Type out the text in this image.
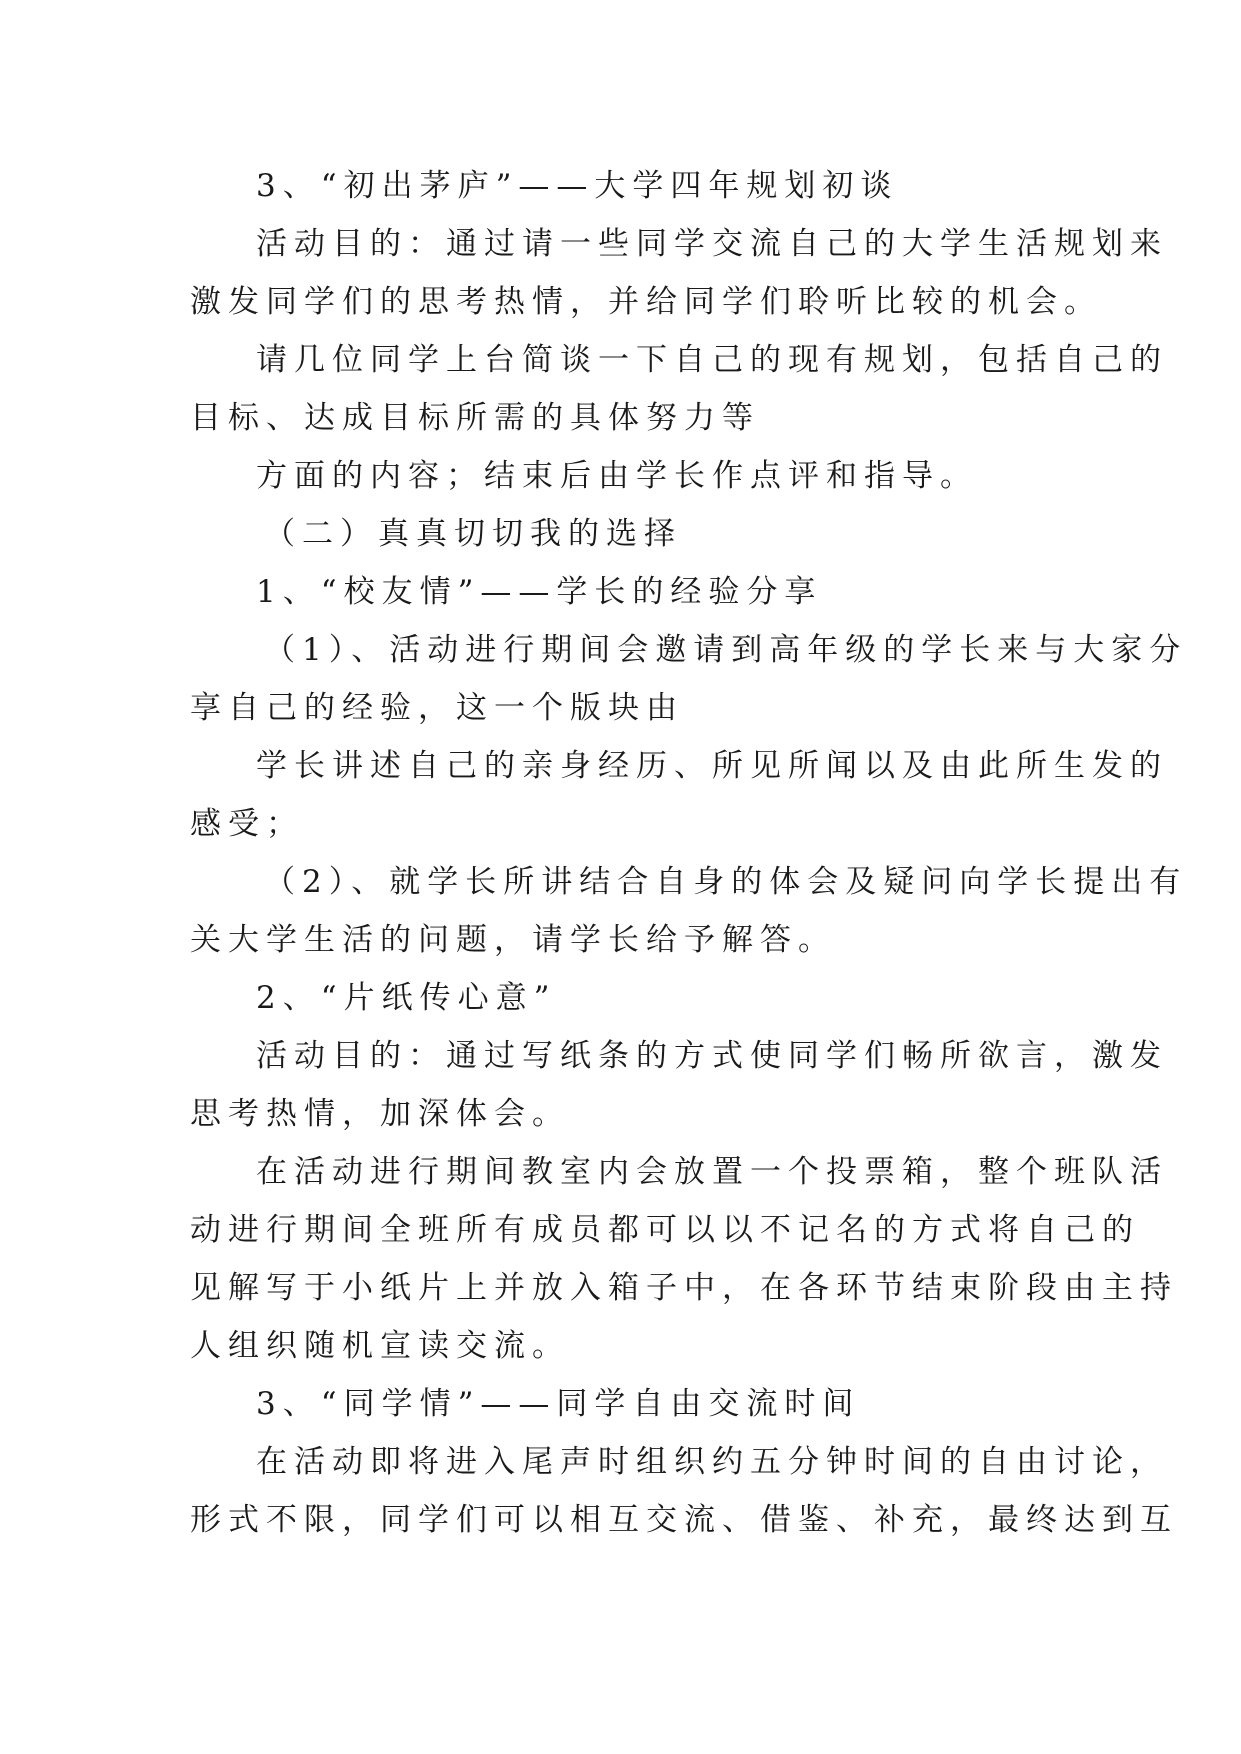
3、“初出茅庐”——大学四年规划初谈
活动目的：通过请一些同学交流自己的大学生活规划来
激发同学们的思考热情，并给同学们聆听比较的机会。
请几位同学上台简谈一下自己的现有规划，包括自己的
目标、达成目标所需的具体努力等
方面的内容；结束后由学长作点评和指导。
（二）真真切切我的选择
1、“校友情”——学长的经验分享
（1）、活动进行期间会邀请到高年级的学长来与大家分
享自己的经验，这一个版块由
学长讲述自己的亲身经历、所见所闻以及由此所生发的
感受；
（2）、就学长所讲结合自身的体会及疑问向学长提出有
关大学生活的问题，请学长给予解答。
2、“片纸传心意”
活动目的：通过写纸条的方式使同学们畅所欲言，激发
思考热情，加深体会。
在活动进行期间教室内会放置一个投票箱，整个班队活
动进行期间全班所有成员都可以以不记名的方式将自己的
见解写于小纸片上并放入箱子中，在各环节结束阶段由主持
人组织随机宣读交流。
3、“同学情”——同学自由交流时间
在活动即将进入尾声时组织约五分钟时间的自由讨论，
形式不限，同学们可以相互交流、借鉴、补充，最终达到互
